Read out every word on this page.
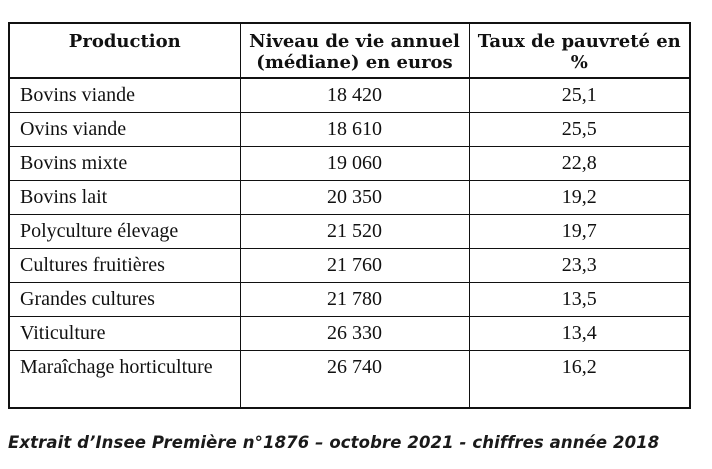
Production	Niveau de vie annuel (médiane) en euros	Taux de pauvreté en %
Bovins viande	18 420	25,1
Ovins viande	18 610	25,5
Bovins mixte	19 060	22,8
Bovins lait	20 350	19,2
Polyculture élevage	21 520	19,7
Cultures fruitières	21 760	23,3
Grandes cultures	21 780	13,5
Viticulture	26 330	13,4
Maraîchage horticulture	26 740	16,2
Extrait d’Insee Première n°1876 – octobre 2021 - chiffres année 2018
